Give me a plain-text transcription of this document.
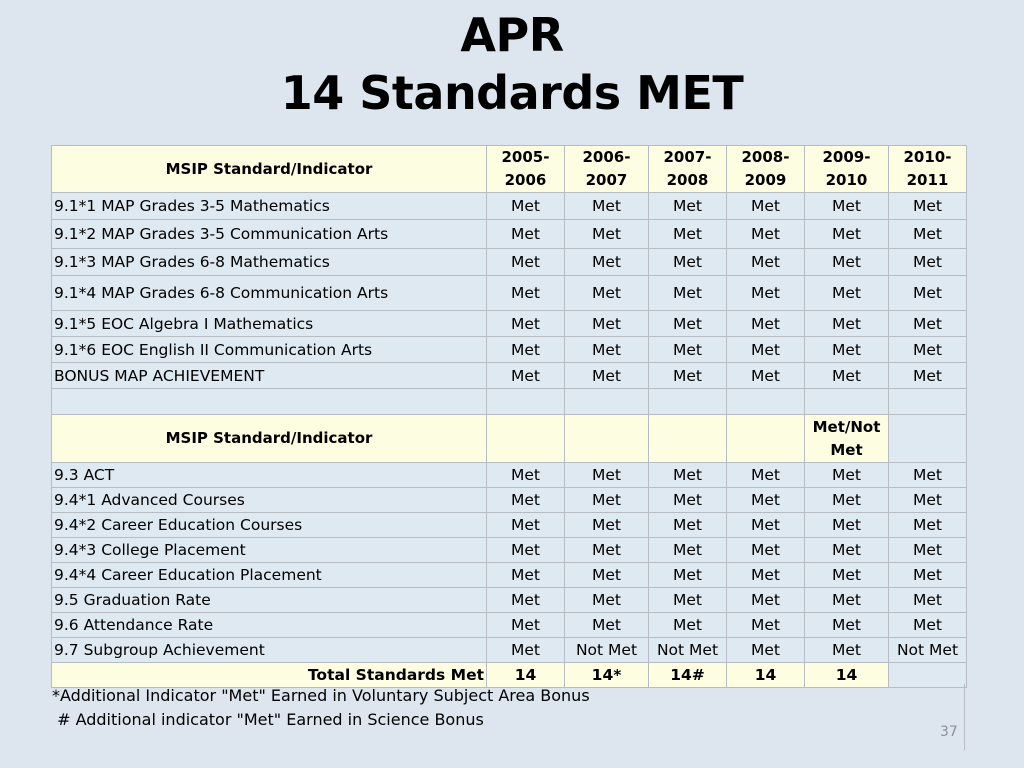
APR
14 Standards MET
MSIP Standard/Indicator	2005-2006	2006-2007	2007-2008	2008-2009	2009-2010	2010-2011
9.1*1 MAP Grades 3-5 Mathematics	Met	Met	Met	Met	Met	Met
9.1*2 MAP Grades 3-5 Communication Arts	Met	Met	Met	Met	Met	Met
9.1*3 MAP Grades 6-8 Mathematics	Met	Met	Met	Met	Met	Met
9.1*4 MAP Grades 6-8 Communication Arts	Met	Met	Met	Met	Met	Met
9.1*5 EOC Algebra I Mathematics	Met	Met	Met	Met	Met	Met
9.1*6 EOC English II Communication Arts	Met	Met	Met	Met	Met	Met
BONUS MAP ACHIEVEMENT	Met	Met	Met	Met	Met	Met

MSIP Standard/Indicator					Met/Not Met	
9.3 ACT	Met	Met	Met	Met	Met	Met
9.4*1 Advanced Courses	Met	Met	Met	Met	Met	Met
9.4*2 Career Education Courses	Met	Met	Met	Met	Met	Met
9.4*3 College Placement	Met	Met	Met	Met	Met	Met
9.4*4 Career Education Placement	Met	Met	Met	Met	Met	Met
9.5 Graduation Rate	Met	Met	Met	Met	Met	Met
9.6 Attendance Rate	Met	Met	Met	Met	Met	Met
9.7 Subgroup Achievement	Met	Not Met	Not Met	Met	Met	Not Met
Total Standards Met	14	14*	14#	14	14	
*Additional Indicator "Met" Earned in Voluntary Subject Area Bonus
# Additional indicator "Met" Earned in Science Bonus
37
